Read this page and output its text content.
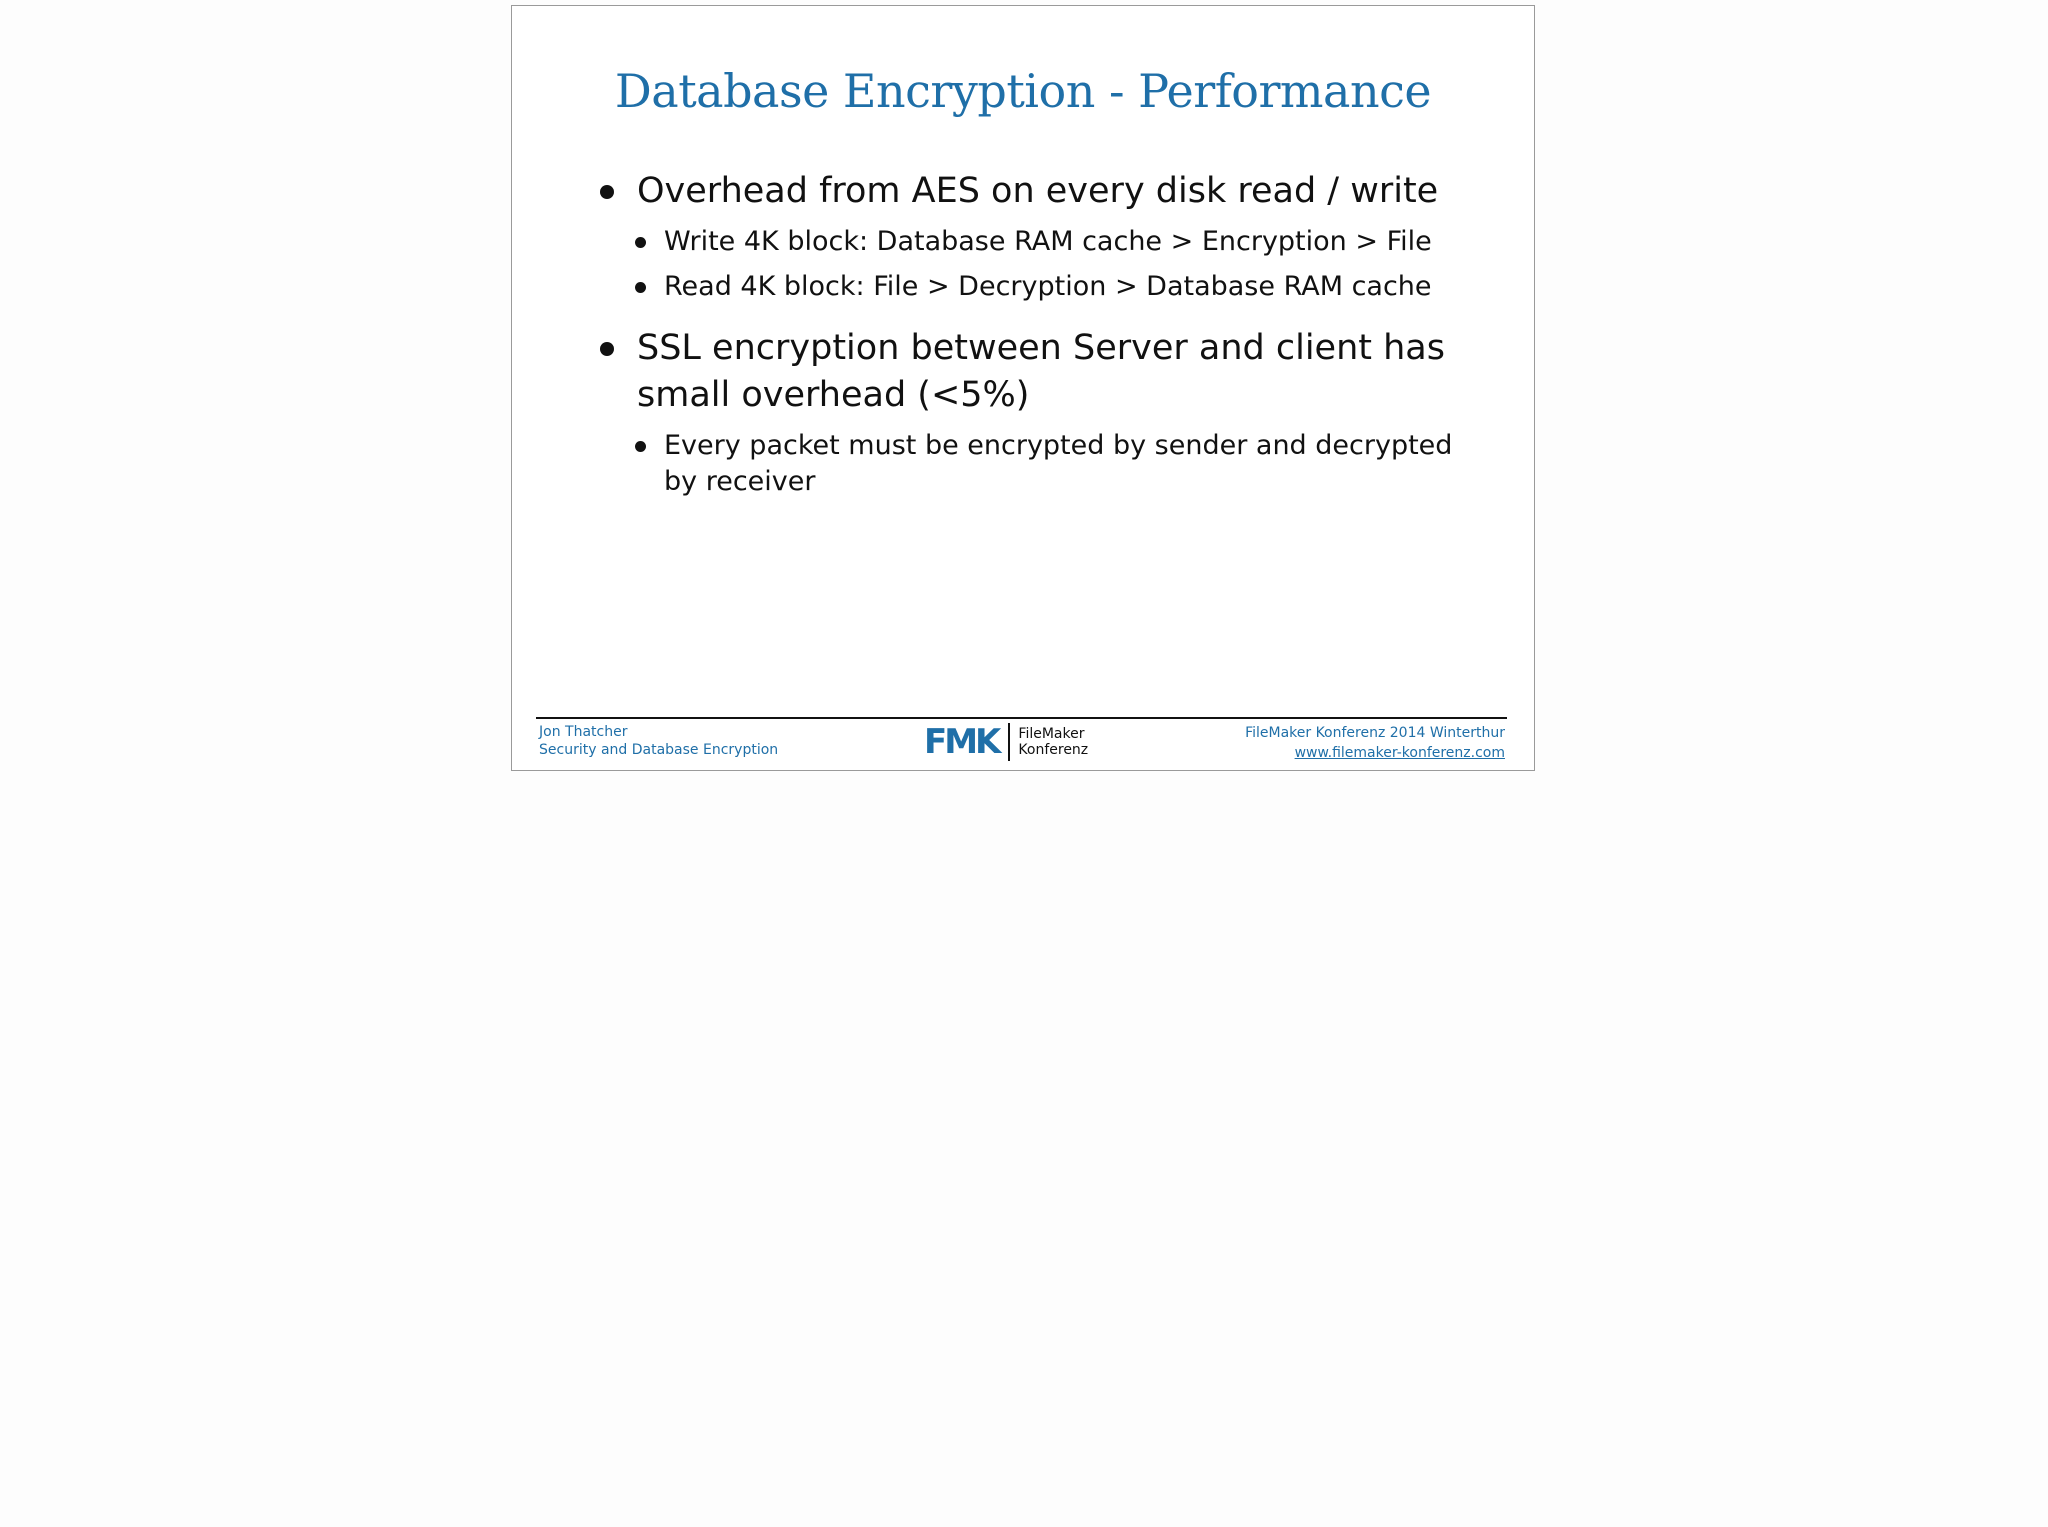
Database Encryption - Performance
Overhead from AES on every disk read / write
Write 4K block: Database RAM cache > Encryption > File
Read 4K block: File > Decryption > Database RAM cache
SSL encryption between Server and client has small overhead (<5%)
Every packet must be encrypted by sender and decrypted by receiver
Jon Thatcher
Security and Database Encryption	FMK FileMaker
Konferenz
FileMaker Konferenz 2014 Winterthur
www.filemaker-konferenz.com
